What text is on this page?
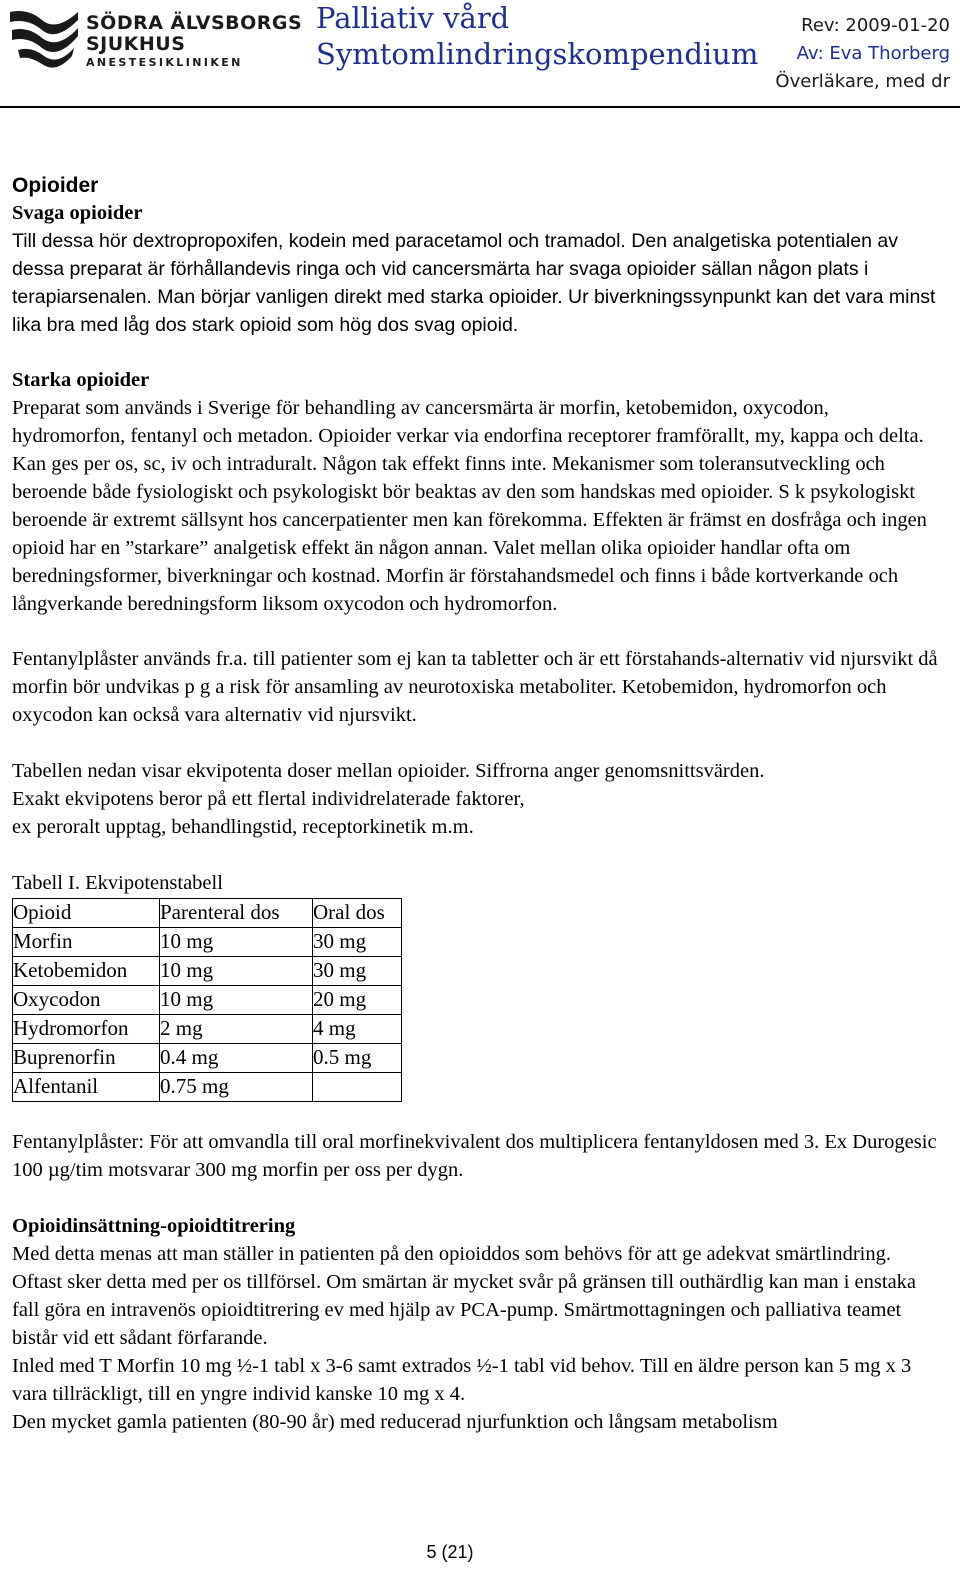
SÖDRA ÄLVSBORGS
SJUKHUS
ANESTESIKLINIKEN
Palliativ vård
Symtomlindringskompendium
Rev: 2009-01-20
Av: Eva Thorberg
Överläkare, med dr
Opioider
Svaga opioider

Till dessa hör dextropropoxifen, kodein med paracetamol och tramadol. Den analgetiska potentialen av dessa preparat är förhållandevis ringa och vid cancersmärta har svaga opioider sällan någon plats i terapiarsenalen. Man börjar vanligen direkt med starka opioider. Ur biverkningssynpunkt kan det vara minst lika bra med låg dos stark opioid som hög dos svag opioid.

Starka opioider

Preparat som används i Sverige för behandling av cancersmärta är morfin, ketobemidon, oxycodon, hydromorfon, fentanyl och metadon. Opioider verkar via endorfina receptorer framförallt, my, kappa och delta. Kan ges per os, sc, iv och intraduralt. Någon tak effekt finns inte. Mekanismer som toleransutveckling och beroende både fysiologiskt och psykologiskt bör beaktas av den som handskas med opioider. S k psykologiskt beroende är extremt sällsynt hos cancerpatienter men kan förekomma. Effekten är främst en dosfråga och ingen opioid har en ”starkare” analgetisk effekt än någon annan. Valet mellan olika opioider handlar ofta om beredningsformer, biverkningar och kostnad. Morfin är förstahandsmedel och finns i både kortverkande och långverkande beredningsform liksom oxycodon och hydromorfon.

Fentanylplåster används fr.a. till patienter som ej kan ta tabletter och är ett förstahands-alternativ vid njursvikt då morfin bör undvikas p g a risk för ansamling av neurotoxiska metaboliter. Ketobemidon, hydromorfon och oxycodon kan också vara alternativ vid njursvikt.

Tabellen nedan visar ekvipotenta doser mellan opioider. Siffrorna anger genomsnittsvärden.

Exakt ekvipotens beror på ett flertal individrelaterade faktorer,

ex peroralt upptag, behandlingstid, receptorkinetik m.m.

Tabell I. Ekvipotenstabell
Opioid	Parenteral dos	Oral dos
Morfin	10 mg	30 mg
Ketobemidon	10 mg	30 mg
Oxycodon	10 mg	20 mg
Hydromorfon	2 mg	4 mg
Buprenorfin	0.4 mg	0.5 mg
Alfentanil	0.75 mg	

Fentanylplåster: För att omvandla till oral morfinekvivalent dos multiplicera fentanyldosen med 3. Ex Durogesic 100 µg/tim motsvarar 300 mg morfin per oss per dygn.

Opioidinsättning-opioidtitrering

Med detta menas att man ställer in patienten på den opioiddos som behövs för att ge adekvat smärtlindring. Oftast sker detta med per os tillförsel. Om smärtan är mycket svår på gränsen till outhärdlig kan man i enstaka fall göra en intravenös opioidtitrering ev med hjälp av PCA-pump. Smärtmottagningen och palliativa teamet bistår vid ett sådant förfarande.

Inled med T Morfin 10 mg ½-1 tabl x 3-6 samt extrados ½-1 tabl vid behov. Till en äldre person kan 5 mg x 3 vara tillräckligt, till en yngre individ kanske 10 mg x 4.

Den mycket gamla patienten (80-90 år) med reducerad njurfunktion och långsam metabolism

5 (21)
